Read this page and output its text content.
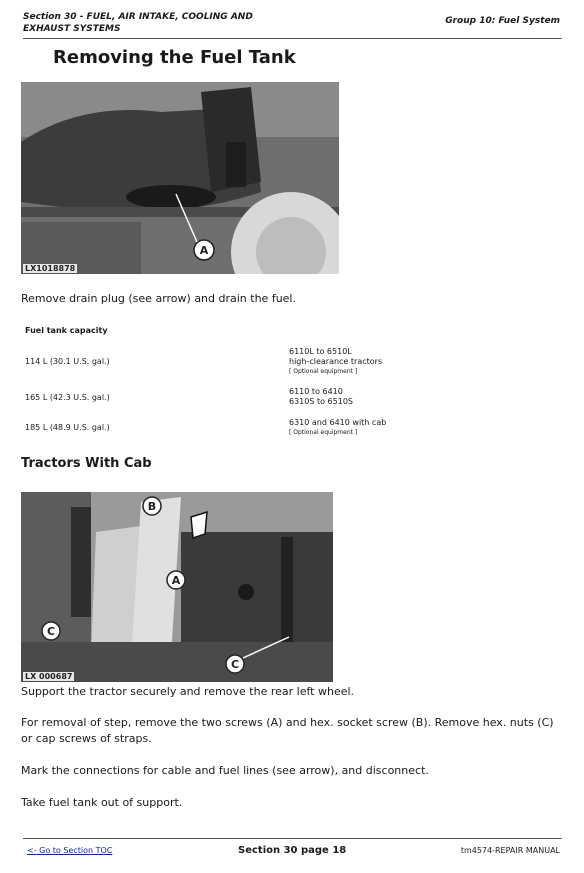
Section 30 - FUEL, AIR INTAKE, COOLING AND EXHAUST SYSTEMS
Group 10: Fuel System
Removing the Fuel Tank
A
LX1018878
Remove drain plug (see arrow) and drain the fuel.
Fuel tank capacity
114 L (30.1 U.S. gal.)
6110L to 6510L
high-clearance tractors
[ Optional equipment ]
165 L (42.3 U.S. gal.)
6110 to 6410
6310S to 6510S
185 L (48.9 U.S. gal.)
6310 and 6410 with cab
[ Optional equipment ]
Tractors With Cab
B
A
C
C
LX 000687
Support the tractor securely and remove the rear left wheel.
For removal of step, remove the two screws (A) and hex. socket screw (B). Remove hex. nuts (C) or cap screws of straps.
Mark the connections for cable and fuel lines (see arrow), and disconnect.
Take fuel tank out of support.
<- Go to Section TOC	Section 30 page 18	tm4574-REPAIR MANUAL
